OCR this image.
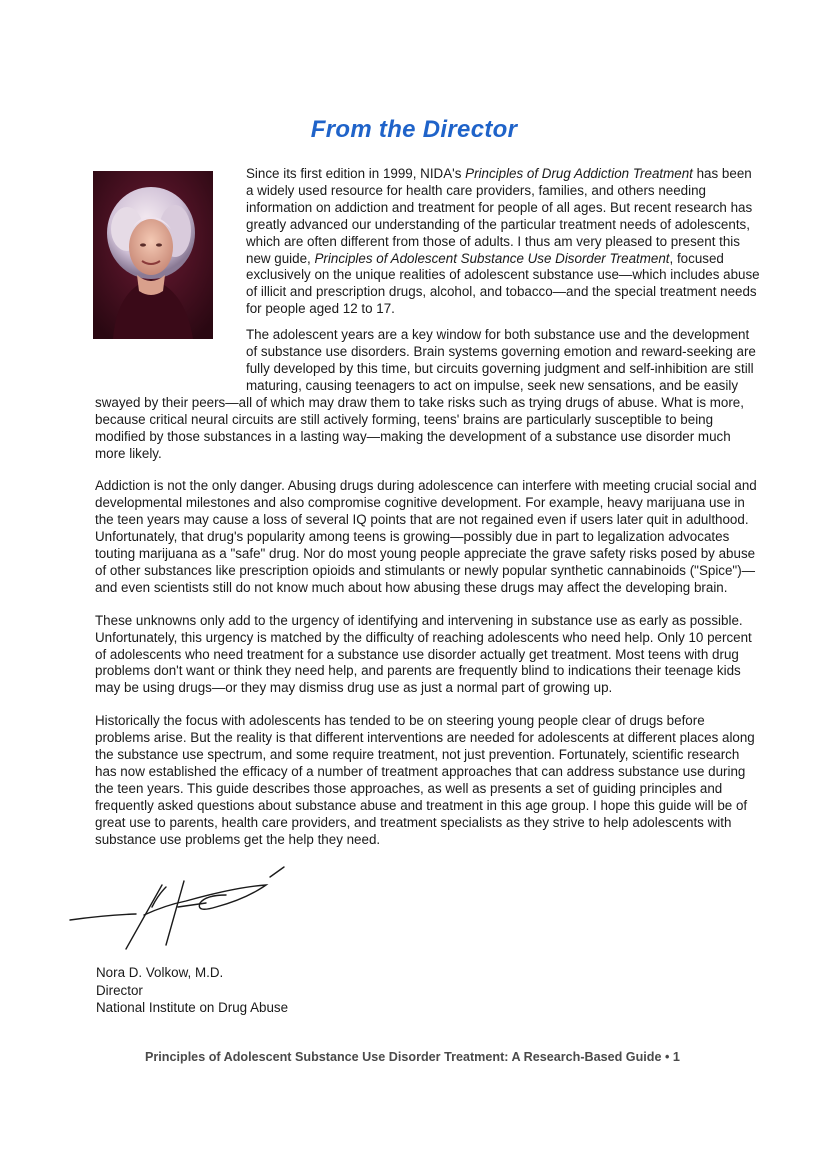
From the Director

Since its first edition in 1999, NIDA's Principles of Drug Addiction Treatment has been a widely used resource for health care providers, families, and others needing information on addiction and treatment for people of all ages. But recent research has greatly advanced our understanding of the particular treatment needs of adolescents, which are often different from those of adults. I thus am very pleased to present this new guide, Principles of Adolescent Substance Use Disorder Treatment, focused exclusively on the unique realities of adolescent substance use—which includes abuse of illicit and prescription drugs, alcohol, and tobacco—and the special treatment needs for people aged 12 to 17.

The adolescent years are a key window for both substance use and the development of substance use disorders. Brain systems governing emotion and reward-seeking are fully developed by this time, but circuits governing judgment and self-inhibition are still maturing, causing teenagers to act on impulse, seek new sensations, and be easily swayed by their peers—all of which may draw them to take risks such as trying drugs of abuse. What is more, because critical neural circuits are still actively forming, teens' brains are particularly susceptible to being modified by those substances in a lasting way—making the development of a substance use disorder much more likely.

Addiction is not the only danger. Abusing drugs during adolescence can interfere with meeting crucial social and developmental milestones and also compromise cognitive development. For example, heavy marijuana use in the teen years may cause a loss of several IQ points that are not regained even if users later quit in adulthood. Unfortunately, that drug's popularity among teens is growing—possibly due in part to legalization advocates touting marijuana as a "safe" drug. Nor do most young people appreciate the grave safety risks posed by abuse of other substances like prescription opioids and stimulants or newly popular synthetic cannabinoids ("Spice")—and even scientists still do not know much about how abusing these drugs may affect the developing brain.

These unknowns only add to the urgency of identifying and intervening in substance use as early as possible. Unfortunately, this urgency is matched by the difficulty of reaching adolescents who need help. Only 10 percent of adolescents who need treatment for a substance use disorder actually get treatment. Most teens with drug problems don't want or think they need help, and parents are frequently blind to indications their teenage kids may be using drugs—or they may dismiss drug use as just a normal part of growing up.

Historically the focus with adolescents has tended to be on steering young people clear of drugs before problems arise. But the reality is that different interventions are needed for adolescents at different places along the substance use spectrum, and some require treatment, not just prevention. Fortunately, scientific research has now established the efficacy of a number of treatment approaches that can address substance use during the teen years. This guide describes those approaches, as well as presents a set of guiding principles and frequently asked questions about substance abuse and treatment in this age group. I hope this guide will be of great use to parents, health care providers, and treatment specialists as they strive to help adolescents with substance use problems get the help they need.

Nora D. Volkow, M.D.
Director
National Institute on Drug Abuse
Principles of Adolescent Substance Use Disorder Treatment: A Research-Based Guide • 1
